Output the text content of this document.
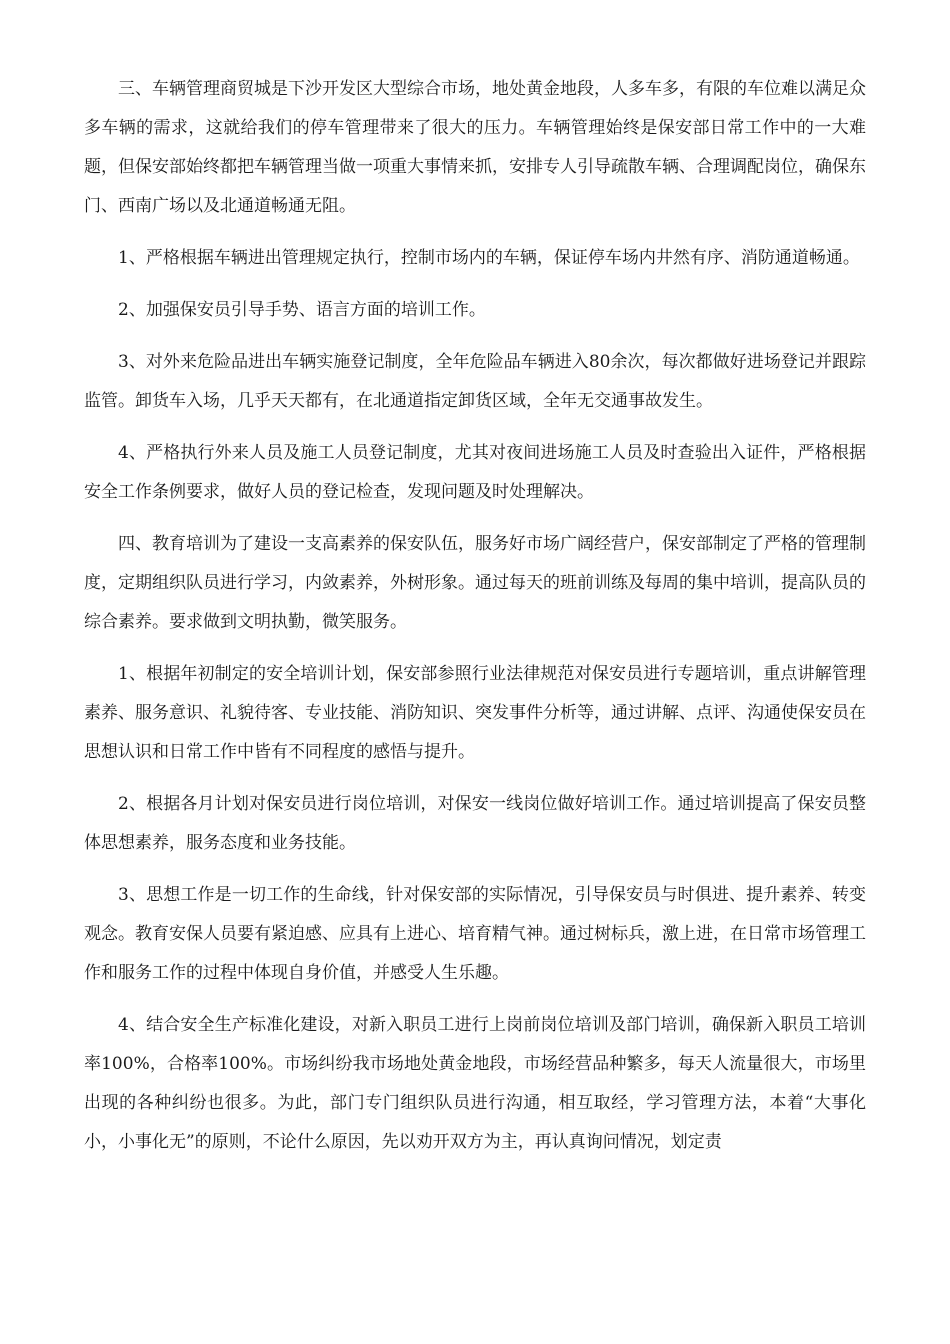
三、车辆管理商贸城是下沙开发区大型综合市场，地处黄金地段，人多车多，有限的车位难以满足众多车辆的需求，这就给我们的停车管理带来了很大的压力。车辆管理始终是保安部日常工作中的一大难题，但保安部始终都把车辆管理当做一项重大事情来抓，安排专人引导疏散车辆、合理调配岗位，确保东门、西南广场以及北通道畅通无阻。

1、严格根据车辆进出管理规定执行，控制市场内的车辆，保证停车场内井然有序、消防通道畅通。

2、加强保安员引导手势、语言方面的培训工作。

3、对外来危险品进出车辆实施登记制度，全年危险品车辆进入80余次，每次都做好进场登记并跟踪监管。卸货车入场，几乎天天都有，在北通道指定卸货区域，全年无交通事故发生。

4、严格执行外来人员及施工人员登记制度，尤其对夜间进场施工人员及时查验出入证件，严格根据安全工作条例要求，做好人员的登记检查，发现问题及时处理解决。

四、教育培训为了建设一支高素养的保安队伍，服务好市场广阔经营户，保安部制定了严格的管理制度，定期组织队员进行学习，内敛素养，外树形象。通过每天的班前训练及每周的集中培训，提高队员的综合素养。要求做到文明执勤，微笑服务。

1、根据年初制定的安全培训计划，保安部参照行业法律规范对保安员进行专题培训，重点讲解管理素养、服务意识、礼貌待客、专业技能、消防知识、突发事件分析等，通过讲解、点评、沟通使保安员在思想认识和日常工作中皆有不同程度的感悟与提升。

2、根据各月计划对保安员进行岗位培训，对保安一线岗位做好培训工作。通过培训提高了保安员整体思想素养，服务态度和业务技能。

3、思想工作是一切工作的生命线，针对保安部的实际情况，引导保安员与时俱进、提升素养、转变观念。教育安保人员要有紧迫感、应具有上进心、培育精气神。通过树标兵，激上进，在日常市场管理工作和服务工作的过程中体现自身价值，并感受人生乐趣。

4、结合安全生产标准化建设，对新入职员工进行上岗前岗位培训及部门培训，确保新入职员工培训率100%，合格率100%。市场纠纷我市场地处黄金地段，市场经营品种繁多，每天人流量很大，市场里出现的各种纠纷也很多。为此，部门专门组织队员进行沟通，相互取经，学习管理方法，本着“大事化小，小事化无”的原则，不论什么原因，先以劝开双方为主，再认真询问情况，划定责
